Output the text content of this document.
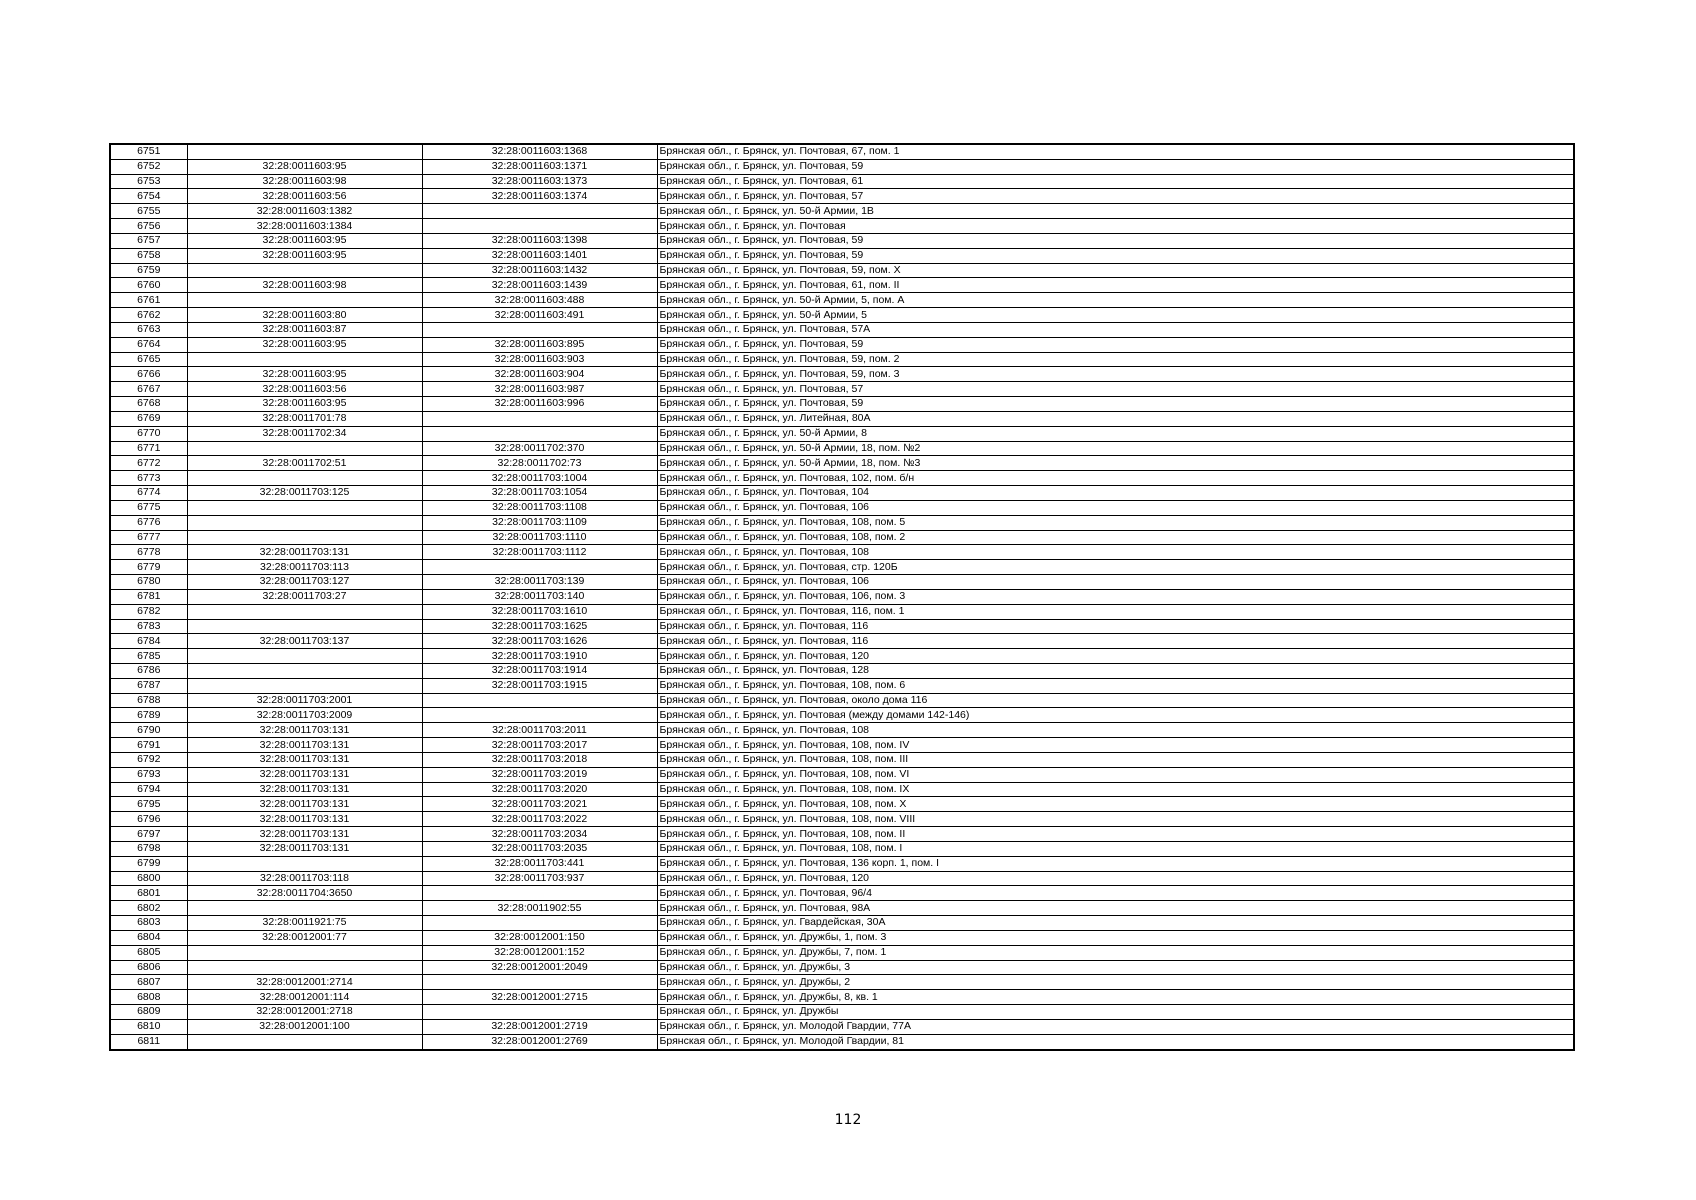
6751		32:28:0011603:1368	Брянская обл., г. Брянск, ул. Почтовая, 67, пом. 1
6752	32:28:0011603:95	32:28:0011603:1371	Брянская обл., г. Брянск, ул. Почтовая, 59
6753	32:28:0011603:98	32:28:0011603:1373	Брянская обл., г. Брянск, ул. Почтовая, 61
6754	32:28:0011603:56	32:28:0011603:1374	Брянская обл., г. Брянск, ул. Почтовая, 57
6755	32:28:0011603:1382		Брянская обл., г. Брянск, ул. 50-й Армии, 1В
6756	32:28:0011603:1384		Брянская обл., г. Брянск, ул. Почтовая
6757	32:28:0011603:95	32:28:0011603:1398	Брянская обл., г. Брянск, ул. Почтовая, 59
6758	32:28:0011603:95	32:28:0011603:1401	Брянская обл., г. Брянск, ул. Почтовая, 59
6759		32:28:0011603:1432	Брянская обл., г. Брянск, ул. Почтовая, 59, пом. X
6760	32:28:0011603:98	32:28:0011603:1439	Брянская обл., г. Брянск, ул. Почтовая, 61, пом. II
6761		32:28:0011603:488	Брянская обл., г. Брянск, ул. 50-й Армии, 5, пом. А
6762	32:28:0011603:80	32:28:0011603:491	Брянская обл., г. Брянск, ул. 50-й Армии, 5
6763	32:28:0011603:87		Брянская обл., г. Брянск, ул. Почтовая, 57А
6764	32:28:0011603:95	32:28:0011603:895	Брянская обл., г. Брянск, ул. Почтовая, 59
6765		32:28:0011603:903	Брянская обл., г. Брянск, ул. Почтовая, 59, пом. 2
6766	32:28:0011603:95	32:28:0011603:904	Брянская обл., г. Брянск, ул. Почтовая, 59, пом. 3
6767	32:28:0011603:56	32:28:0011603:987	Брянская обл., г. Брянск, ул. Почтовая, 57
6768	32:28:0011603:95	32:28:0011603:996	Брянская обл., г. Брянск, ул. Почтовая, 59
6769	32:28:0011701:78		Брянская обл., г. Брянск, ул. Литейная, 80А
6770	32:28:0011702:34		Брянская обл., г. Брянск, ул. 50-й Армии, 8
6771		32:28:0011702:370	Брянская обл., г. Брянск, ул. 50-й Армии, 18, пом. №2
6772	32:28:0011702:51	32:28:0011702:73	Брянская обл., г. Брянск, ул. 50-й Армии, 18, пом. №3
6773		32:28:0011703:1004	Брянская обл., г. Брянск, ул. Почтовая, 102, пом. б/н
6774	32:28:0011703:125	32:28:0011703:1054	Брянская обл., г. Брянск, ул. Почтовая, 104
6775		32:28:0011703:1108	Брянская обл., г. Брянск, ул. Почтовая, 106
6776		32:28:0011703:1109	Брянская обл., г. Брянск, ул. Почтовая, 108, пом. 5
6777		32:28:0011703:1110	Брянская обл., г. Брянск, ул. Почтовая, 108, пом. 2
6778	32:28:0011703:131	32:28:0011703:1112	Брянская обл., г. Брянск, ул. Почтовая, 108
6779	32:28:0011703:113		Брянская обл., г. Брянск, ул. Почтовая, стр. 120Б
6780	32:28:0011703:127	32:28:0011703:139	Брянская обл., г. Брянск, ул. Почтовая, 106
6781	32:28:0011703:27	32:28:0011703:140	Брянская обл., г. Брянск, ул. Почтовая, 106, пом. 3
6782		32:28:0011703:1610	Брянская обл., г. Брянск, ул. Почтовая, 116, пом. 1
6783		32:28:0011703:1625	Брянская обл., г. Брянск, ул. Почтовая, 116
6784	32:28:0011703:137	32:28:0011703:1626	Брянская обл., г. Брянск, ул. Почтовая, 116
6785		32:28:0011703:1910	Брянская обл., г. Брянск, ул. Почтовая, 120
6786		32:28:0011703:1914	Брянская обл., г. Брянск, ул. Почтовая, 128
6787		32:28:0011703:1915	Брянская обл., г. Брянск, ул. Почтовая, 108, пом. 6
6788	32:28:0011703:2001		Брянская обл., г. Брянск, ул. Почтовая, около дома 116
6789	32:28:0011703:2009		Брянская обл., г. Брянск, ул. Почтовая (между домами 142-146)
6790	32:28:0011703:131	32:28:0011703:2011	Брянская обл., г. Брянск, ул. Почтовая, 108
6791	32:28:0011703:131	32:28:0011703:2017	Брянская обл., г. Брянск, ул. Почтовая, 108, пом. IV
6792	32:28:0011703:131	32:28:0011703:2018	Брянская обл., г. Брянск, ул. Почтовая, 108, пом. III
6793	32:28:0011703:131	32:28:0011703:2019	Брянская обл., г. Брянск, ул. Почтовая, 108, пом. VI
6794	32:28:0011703:131	32:28:0011703:2020	Брянская обл., г. Брянск, ул. Почтовая, 108, пом. IX
6795	32:28:0011703:131	32:28:0011703:2021	Брянская обл., г. Брянск, ул. Почтовая, 108, пом. X
6796	32:28:0011703:131	32:28:0011703:2022	Брянская обл., г. Брянск, ул. Почтовая, 108, пом. VIII
6797	32:28:0011703:131	32:28:0011703:2034	Брянская обл., г. Брянск, ул. Почтовая, 108, пом. II
6798	32:28:0011703:131	32:28:0011703:2035	Брянская обл., г. Брянск, ул. Почтовая, 108, пом. I
6799		32:28:0011703:441	Брянская обл., г. Брянск, ул. Почтовая, 136 корп. 1, пом. I
6800	32:28:0011703:118	32:28:0011703:937	Брянская обл., г. Брянск, ул. Почтовая, 120
6801	32:28:0011704:3650		Брянская обл., г. Брянск, ул. Почтовая, 96/4
6802		32:28:0011902:55	Брянская обл., г. Брянск, ул. Почтовая, 98А
6803	32:28:0011921:75		Брянская обл., г. Брянск, ул. Гвардейская, 30А
6804	32:28:0012001:77	32:28:0012001:150	Брянская обл., г. Брянск, ул. Дружбы, 1, пом. 3
6805		32:28:0012001:152	Брянская обл., г. Брянск, ул. Дружбы, 7, пом. 1
6806		32:28:0012001:2049	Брянская обл., г. Брянск, ул. Дружбы, 3
6807	32:28:0012001:2714		Брянская обл., г. Брянск, ул. Дружбы, 2
6808	32:28:0012001:114	32:28:0012001:2715	Брянская обл., г. Брянск, ул. Дружбы, 8, кв. 1
6809	32:28:0012001:2718		Брянская обл., г. Брянск, ул. Дружбы
6810	32:28:0012001:100	32:28:0012001:2719	Брянская обл., г. Брянск, ул. Молодой Гвардии, 77А
6811		32:28:0012001:2769	Брянская обл., г. Брянск, ул. Молодой Гвардии, 81
112
